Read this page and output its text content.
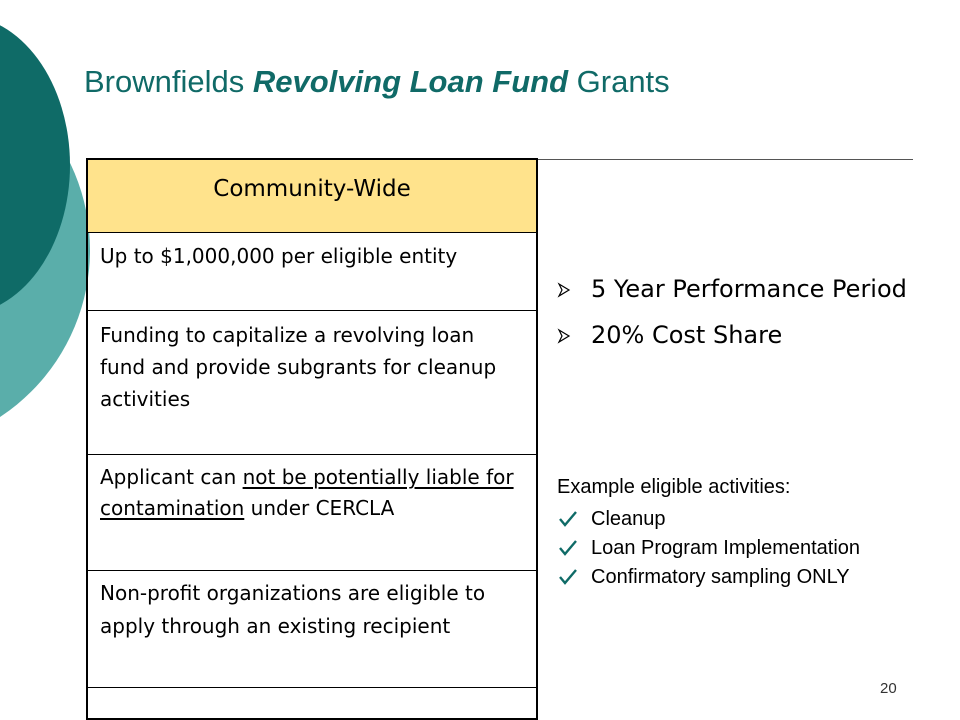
Brownfields Revolving Loan Fund Grants
Community-Wide
Up to $1,000,000 per eligible entity
Funding to capitalize a revolving loan fund and provide subgrants for cleanup activities
Applicant can not be potentially liable for contamination under CERCLA
Non-profit organizations are eligible to apply through an existing recipient
5 Year Performance Period
20% Cost Share
Example eligible activities:
Cleanup
Loan Program Implementation
Confirmatory sampling ONLY
20
